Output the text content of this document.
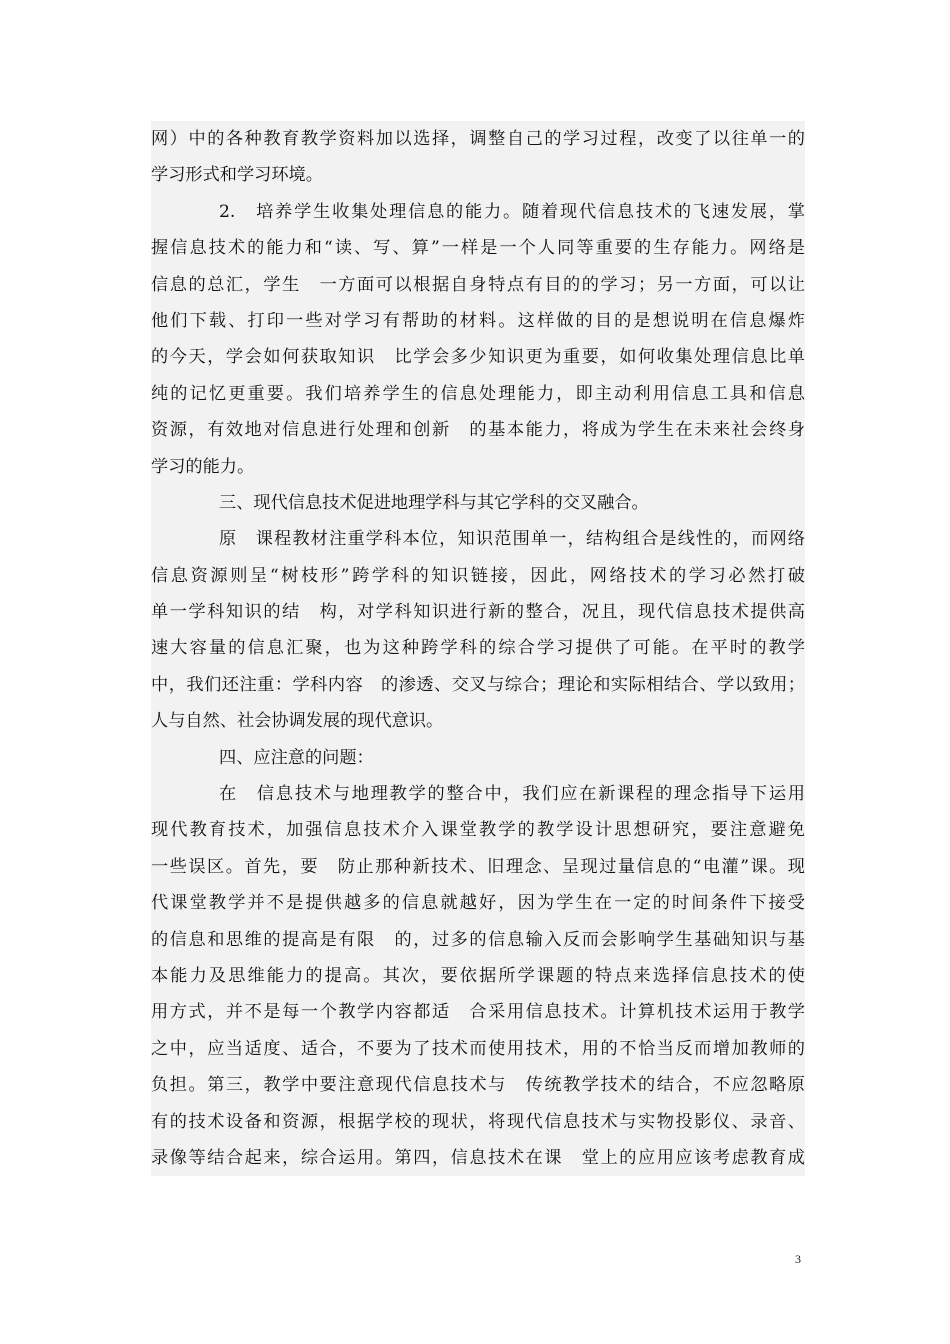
网）中的各种教育教学资料加以选择，调整自己的学习过程，改变了以往单一的
学习形式和学习环境。
2.　培养学生收集处理信息的能力。随着现代信息技术的飞速发展，掌
握信息技术的能力和“读、写、算”一样是一个人同等重要的生存能力。网络是
信息的总汇，学生　一方面可以根据自身特点有目的的学习；另一方面，可以让
他们下载、打印一些对学习有帮助的材料。这样做的目的是想说明在信息爆炸
的今天，学会如何获取知识　比学会多少知识更为重要，如何收集处理信息比单
纯的记忆更重要。我们培养学生的信息处理能力，即主动利用信息工具和信息
资源，有效地对信息进行处理和创新　的基本能力，将成为学生在未来社会终身
学习的能力。
三、现代信息技术促进地理学科与其它学科的交叉融合。
原　课程教材注重学科本位，知识范围单一，结构组合是线性的，而网络
信息资源则呈“树枝形”跨学科的知识链接，因此，网络技术的学习必然打破
单一学科知识的结　构，对学科知识进行新的整合，况且，现代信息技术提供高
速大容量的信息汇聚，也为这种跨学科的综合学习提供了可能。在平时的教学
中，我们还注重：学科内容　的渗透、交叉与综合；理论和实际相结合、学以致用；
人与自然、社会协调发展的现代意识。
四、应注意的问题：
在　信息技术与地理教学的整合中，我们应在新课程的理念指导下运用
现代教育技术，加强信息技术介入课堂教学的教学设计思想研究，要注意避免
一些误区。首先，要　防止那种新技术、旧理念、呈现过量信息的“电灌”课。现
代课堂教学并不是提供越多的信息就越好，因为学生在一定的时间条件下接受
的信息和思维的提高是有限　的，过多的信息输入反而会影响学生基础知识与基
本能力及思维能力的提高。其次，要依据所学课题的特点来选择信息技术的使
用方式，并不是每一个教学内容都适　合采用信息技术。计算机技术运用于教学
之中，应当适度、适合，不要为了技术而使用技术，用的不恰当反而增加教师的
负担。第三，教学中要注意现代信息技术与　传统教学技术的结合，不应忽略原
有的技术设备和资源，根据学校的现状，将现代信息技术与实物投影仪、录音、
录像等结合起来，综合运用。第四，信息技术在课　堂上的应用应该考虑教育成
3
